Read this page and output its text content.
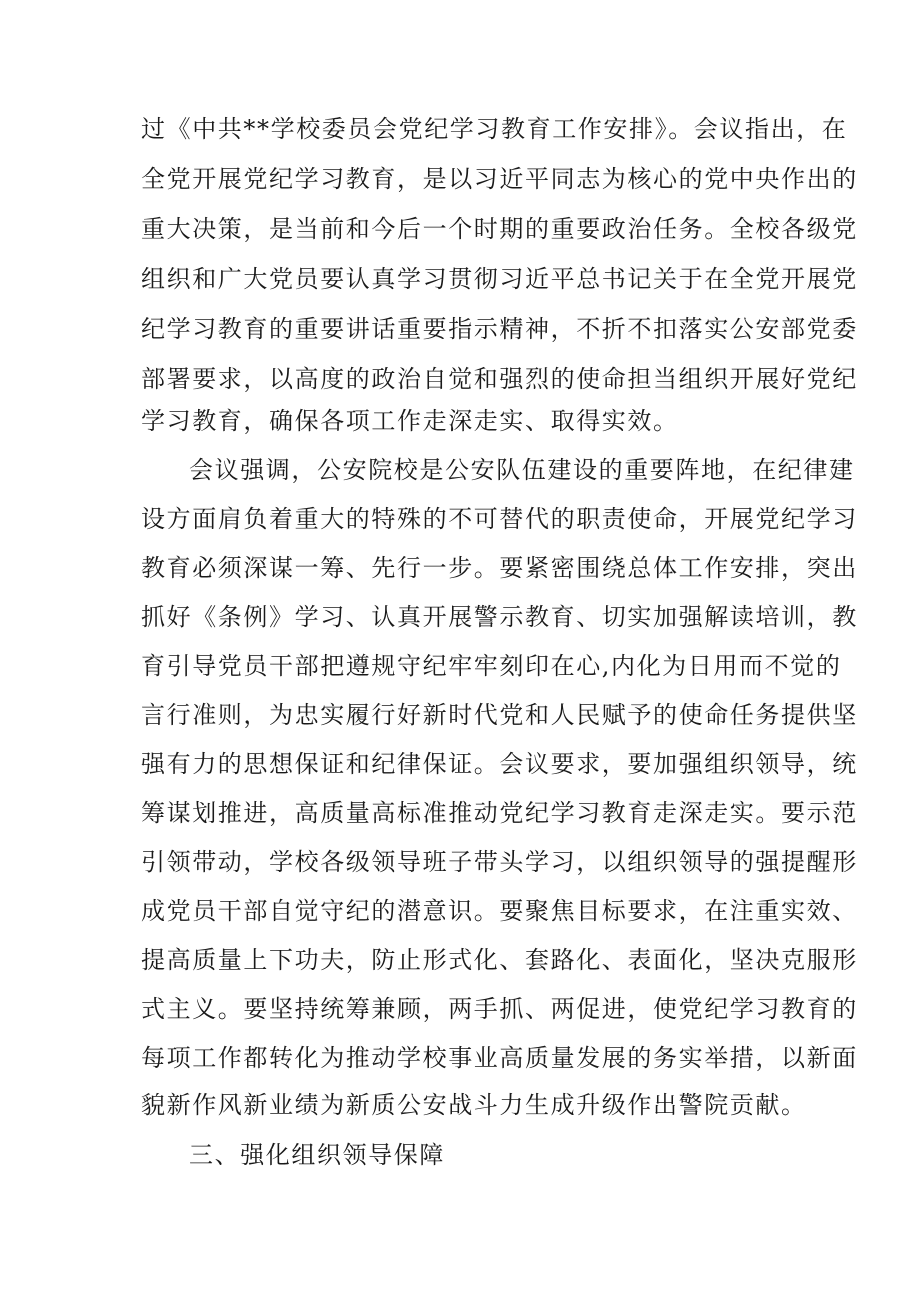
过《中共**学校委员会党纪学习教育工作安排》。会议指出，在
全党开展党纪学习教育，是以习近平同志为核心的党中央作出的
重大决策，是当前和今后一个时期的重要政治任务。全校各级党
组织和广大党员要认真学习贯彻习近平总书记关于在全党开展党
纪学习教育的重要讲话重要指示精神，不折不扣落实公安部党委
部署要求，以高度的政治自觉和强烈的使命担当组织开展好党纪
学习教育，确保各项工作走深走实、取得实效。
会议强调，公安院校是公安队伍建设的重要阵地，在纪律建
设方面肩负着重大的特殊的不可替代的职责使命，开展党纪学习
教育必须深谋一筹、先行一步。要紧密围绕总体工作安排，突出
抓好《条例》学习、认真开展警示教育、切实加强解读培训，教
育引导党员干部把遵规守纪牢牢刻印在心,内化为日用而不觉的
言行准则，为忠实履行好新时代党和人民赋予的使命任务提供坚
强有力的思想保证和纪律保证。会议要求，要加强组织领导，统
筹谋划推进，高质量高标准推动党纪学习教育走深走实。要示范
引领带动，学校各级领导班子带头学习，以组织领导的强提醒形
成党员干部自觉守纪的潜意识。要聚焦目标要求，在注重实效、
提高质量上下功夫，防止形式化、套路化、表面化，坚决克服形
式主义。要坚持统筹兼顾，两手抓、两促进，使党纪学习教育的
每项工作都转化为推动学校事业高质量发展的务实举措，以新面
貌新作风新业绩为新质公安战斗力生成升级作出警院贡献。
三、强化组织领导保障
